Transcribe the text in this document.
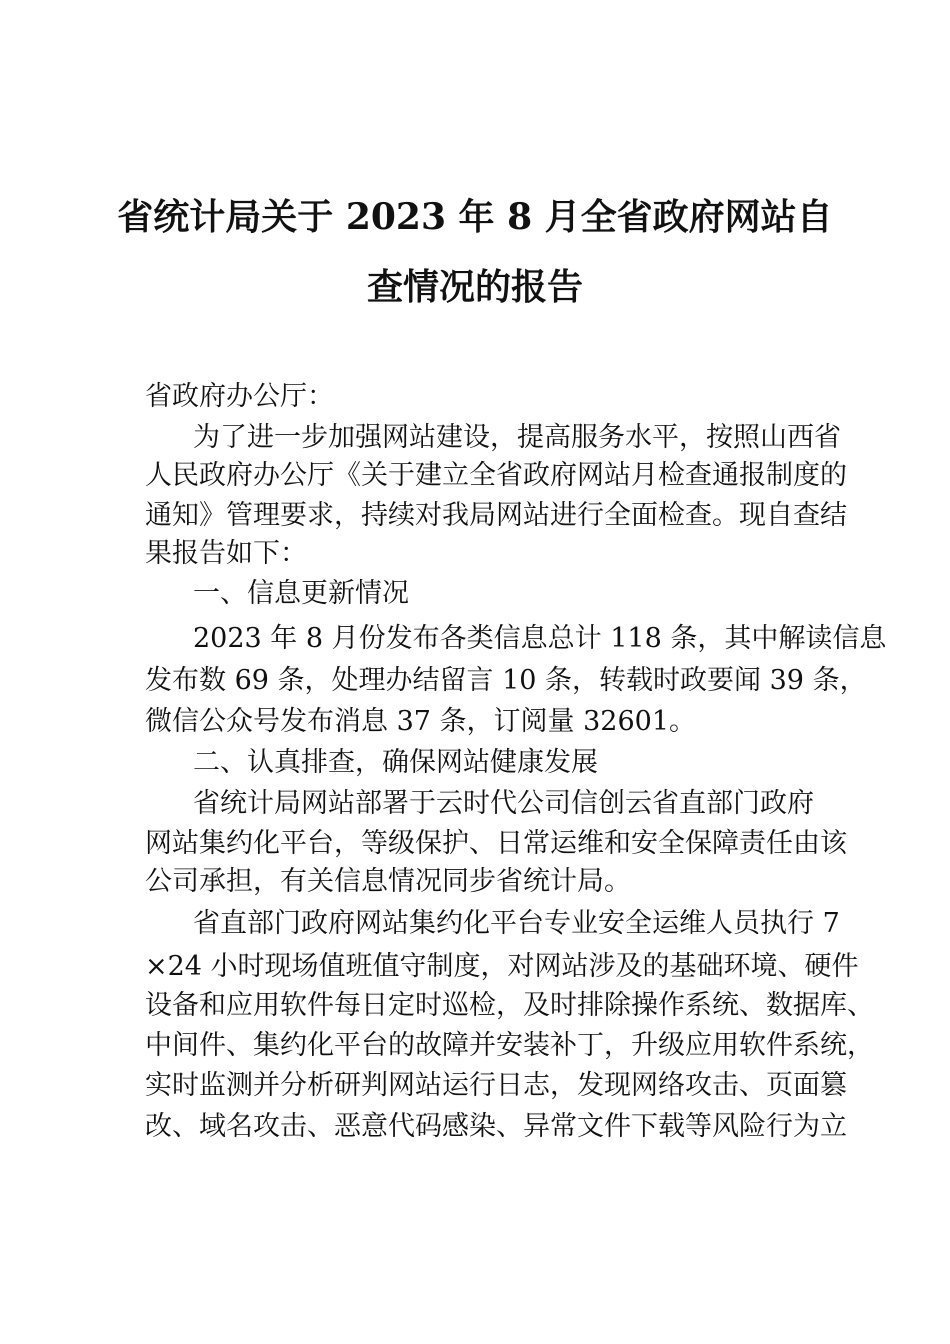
省统计局关于 2023 年 8 月全省政府网站自
查情况的报告
省政府办公厅：
为了进一步加强网站建设，提高服务水平，按照山西省
人民政府办公厅《关于建立全省政府网站月检查通报制度的
通知》管理要求，持续对我局网站进行全面检查。现自查结
果报告如下：
一、信息更新情况
2023 年 8 月份发布各类信息总计 118 条，其中解读信息
发布数 69 条，处理办结留言 10 条，转载时政要闻 39 条，
微信公众号发布消息 37 条，订阅量 32601。
二、认真排查，确保网站健康发展
省统计局网站部署于云时代公司信创云省直部门政府
网站集约化平台，等级保护、日常运维和安全保障责任由该
公司承担，有关信息情况同步省统计局。
省直部门政府网站集约化平台专业安全运维人员执行 7
×24 小时现场值班值守制度，对网站涉及的基础环境、硬件
设备和应用软件每日定时巡检，及时排除操作系统、数据库、
中间件、集约化平台的故障并安装补丁，升级应用软件系统，
实时监测并分析研判网站运行日志，发现网络攻击、页面篡
改、域名攻击、恶意代码感染、异常文件下载等风险行为立
